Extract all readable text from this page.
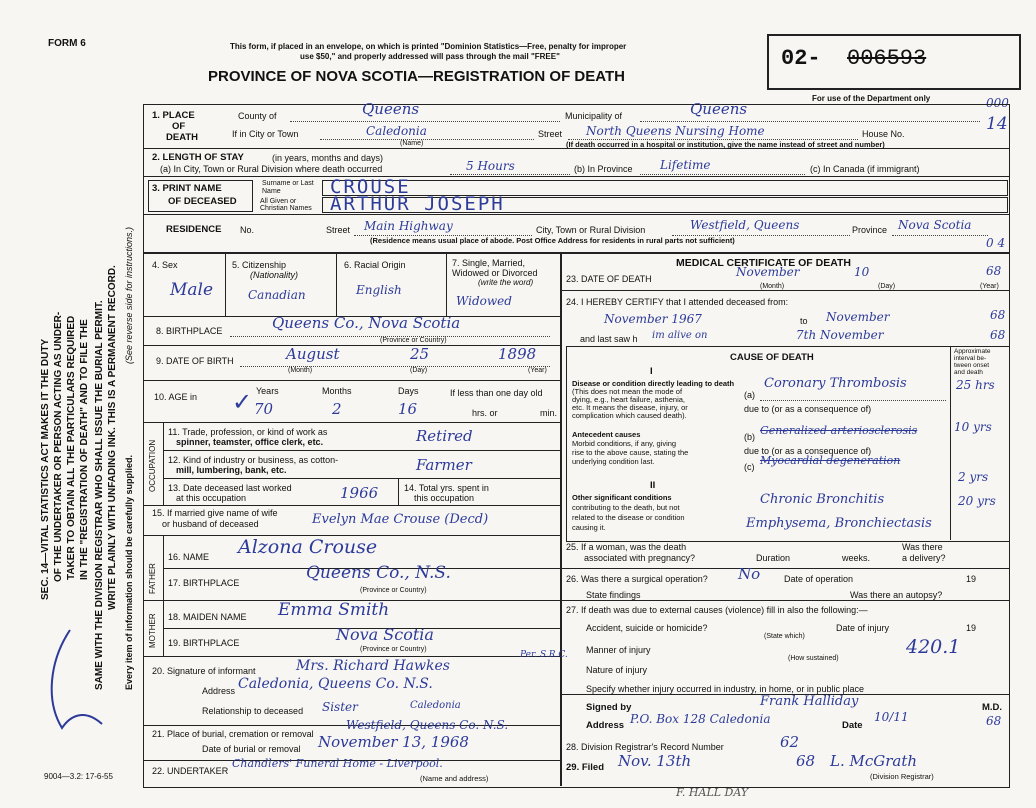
FORM 6	This form, if placed in an envelope, on which is printed "Dominion Statistics—Free, penalty for improper
use $50," and properly addressed will pass through the mail "FREE"
PROVINCE OF NOVA SCOTIA—REGISTRATION OF DEATH
02- 006593
For use of the Department only	000
14
0 4
SEC. 14—VITAL STATISTICS ACT MAKES IT THE DUTY OF THE UNDERTAKER OR PERSON ACTING AS UNDER- TAKER TO OBTAIN ALL THE PARTICULARS REQUIRED IN THE "REGISTRATION OF DEATH" AND TO FILE THE SAME WITH THE DIVISION REGISTRAR WHO SHALL ISSUE THE BURIAL PERMIT. WRITE PLAINLY WITH UNFADING INK. THIS IS A PERMANENT RECORD. Every item of information should be carefully supplied.
(See reverse side for instructions.)
9004—3.2: 17-6-55
1. PLACE
OF
DEATH
County of	Queens	Municipality of	Queens
If in City or Town	Caledonia
(Name)
Street North Queens Nursing Home	House No.
(If death occurred in a hospital or institution, give the name instead of street and number)
2. LENGTH OF STAY	(in years, months and days)
(a) In City, Town or Rural Division where death occurred	5 Hours	(b) In Province Lifetime	(c) In Canada (if immigrant)
3. PRINT NAME
OF DECEASED
Surname or Last Name
All Given or Christian Names
CROUSE
ARTHUR JOSEPH
RESIDENCE No.	Street Main Highway	City, Town or Rural Division	Westfield, Queens	Province Nova Scotia
(Residence means usual place of abode. Post Office Address for residents in rural parts not sufficient)
4. Sex
Male
5. Citizenship
(Nationality)
Canadian
6. Racial Origin
English
7. Single, Married,
Widowed or Divorced
(write the word)
Widowed
8. BIRTHPLACE	Queens Co., Nova Scotia
(Province or Country)
9. DATE OF BIRTH	August	25	1898
(Month)	(Day)	(Year)
10. AGE in
Years
✓ 70
Months
2
Days
16
If less than one day old
hrs. or	min.
OCCUPATION
11. Trade, profession, or kind of work as
spinner, teamster, office clerk, etc.	Retired
12. Kind of industry or business, as cotton-
mill, lumbering, bank, etc.	Farmer
13. Date deceased last worked
at this occupation	1966	14. Total yrs. spent in
this occupation
15. If married give name of wife
or husband of deceased	Evelyn Mae Crouse (Decd)
FATHER
MOTHER
16. NAME Alzona Crouse
17. BIRTHPLACE	Queens Co., N.S.
(Province or Country)
18. MAIDEN NAME Emma Smith
19. BIRTHPLACE	Nova Scotia
(Province or Country)
20. Signature of informant	Mrs. Richard Hawkes
Per. S.R.C.
Address Caledonia, Queens Co. N.S.
Relationship to deceased Sister	Caledonia
21. Place of burial, cremation or removal
Westfield, Queens Co. N.S.
Date of burial or removal November 13, 1968
22. UNDERTAKER
Chandlers' Funeral Home - Liverpool.
(Name and address)
MEDICAL CERTIFICATE OF DEATH
23. DATE OF DEATH	November	10	68
(Month)	(Day)	(Year)
24. I HEREBY CERTIFY that I attended deceased from:
November 1967	to November	68
and last saw h im alive on	7th November	68
CAUSE OF DEATH
Approximate
interval be-
tween onset
and death
I
Disease or condition directly leading to death
(This does not mean the mode of
dying, e.g., heart failure, asthenia,
etc. It means the disease, injury, or
complication which caused death).
(a)
Coronary Thrombosis	25 hrs
due to (or as a consequence of)
Antecedent causes
Morbid conditions, if any, giving
rise to the above cause, stating the
underlying condition last.
(b) Generalized arteriosclerosis	10 yrs
due to (or as a consequence of)
(c) Myocardial degeneration
2 yrs
II
Other significant conditions
contributing to the death, but not
related to the disease or condition
causing it.
Chronic Bronchitis
Emphysema, Bronchiectasis
20 yrs
25. If a woman, was the death
associated with pregnancy?	Duration	weeks.
Was there
a delivery?
26. Was there a surgical operation? No	Date of operation	19
State findings	Was there an autopsy?
27. If death was due to external causes (violence) fill in also the following:—
Accident, suicide or homicide?	Date of injury	19
(State which)
Manner of injury	420.1
(How sustained)
Nature of injury
Specify whether injury occurred in industry, in home, or in public place
Signed by	Frank Halliday	M.D.
Address P.O. Box 128 Caledonia	Date
10/11	68
28. Division Registrar's Record Number	62
29. Filed Nov. 13th	68 L. McGrath
(Division Registrar)
F. HALL DAY
